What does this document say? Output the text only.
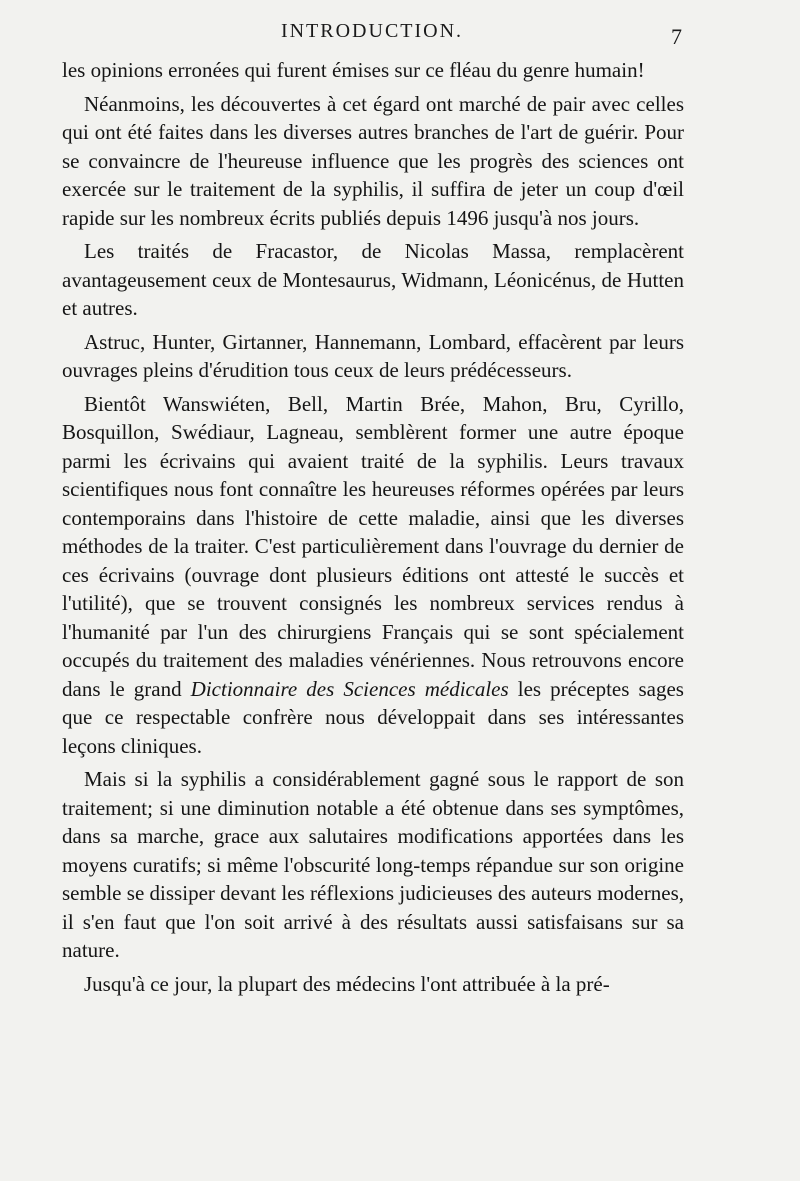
INTRODUCTION.	7

les opinions erronées qui furent émises sur ce fléau du genre humain!

Néanmoins, les découvertes à cet égard ont marché de pair avec celles qui ont été faites dans les diverses autres branches de l'art de guérir. Pour se convaincre de l'heureuse influence que les progrès des sciences ont exercée sur le traitement de la syphilis, il suffira de jeter un coup d'œil rapide sur les nombreux écrits publiés depuis 1496 jusqu'à nos jours.

Les traités de Fracastor, de Nicolas Massa, remplacèrent avantageusement ceux de Montesaurus, Widmann, Léonicénus, de Hutten et autres.

Astruc, Hunter, Girtanner, Hannemann, Lombard, effacèrent par leurs ouvrages pleins d'érudition tous ceux de leurs prédécesseurs.

Bientôt Wanswiéten, Bell, Martin Brée, Mahon, Bru, Cyrillo, Bosquillon, Swédiaur, Lagneau, semblèrent former une autre époque parmi les écrivains qui avaient traité de la syphilis. Leurs travaux scientifiques nous font connaître les heureuses réformes opérées par leurs contemporains dans l'histoire de cette maladie, ainsi que les diverses méthodes de la traiter. C'est particulièrement dans l'ouvrage du dernier de ces écrivains (ouvrage dont plusieurs éditions ont attesté le succès et l'utilité), que se trouvent consignés les nombreux services rendus à l'humanité par l'un des chirurgiens Français qui se sont spécialement occupés du traitement des maladies vénériennes. Nous retrouvons encore dans le grand Dictionnaire des Sciences médicales les préceptes sages que ce respectable confrère nous développait dans ses intéressantes leçons cliniques.

Mais si la syphilis a considérablement gagné sous le rapport de son traitement; si une diminution notable a été obtenue dans ses symptômes, dans sa marche, grace aux salutaires modifications apportées dans les moyens curatifs; si même l'obscurité long-temps répandue sur son origine semble se dissiper devant les réflexions judicieuses des auteurs modernes, il s'en faut que l'on soit arrivé à des résultats aussi satisfaisans sur sa nature.

Jusqu'à ce jour, la plupart des médecins l'ont attribuée à la pré-
